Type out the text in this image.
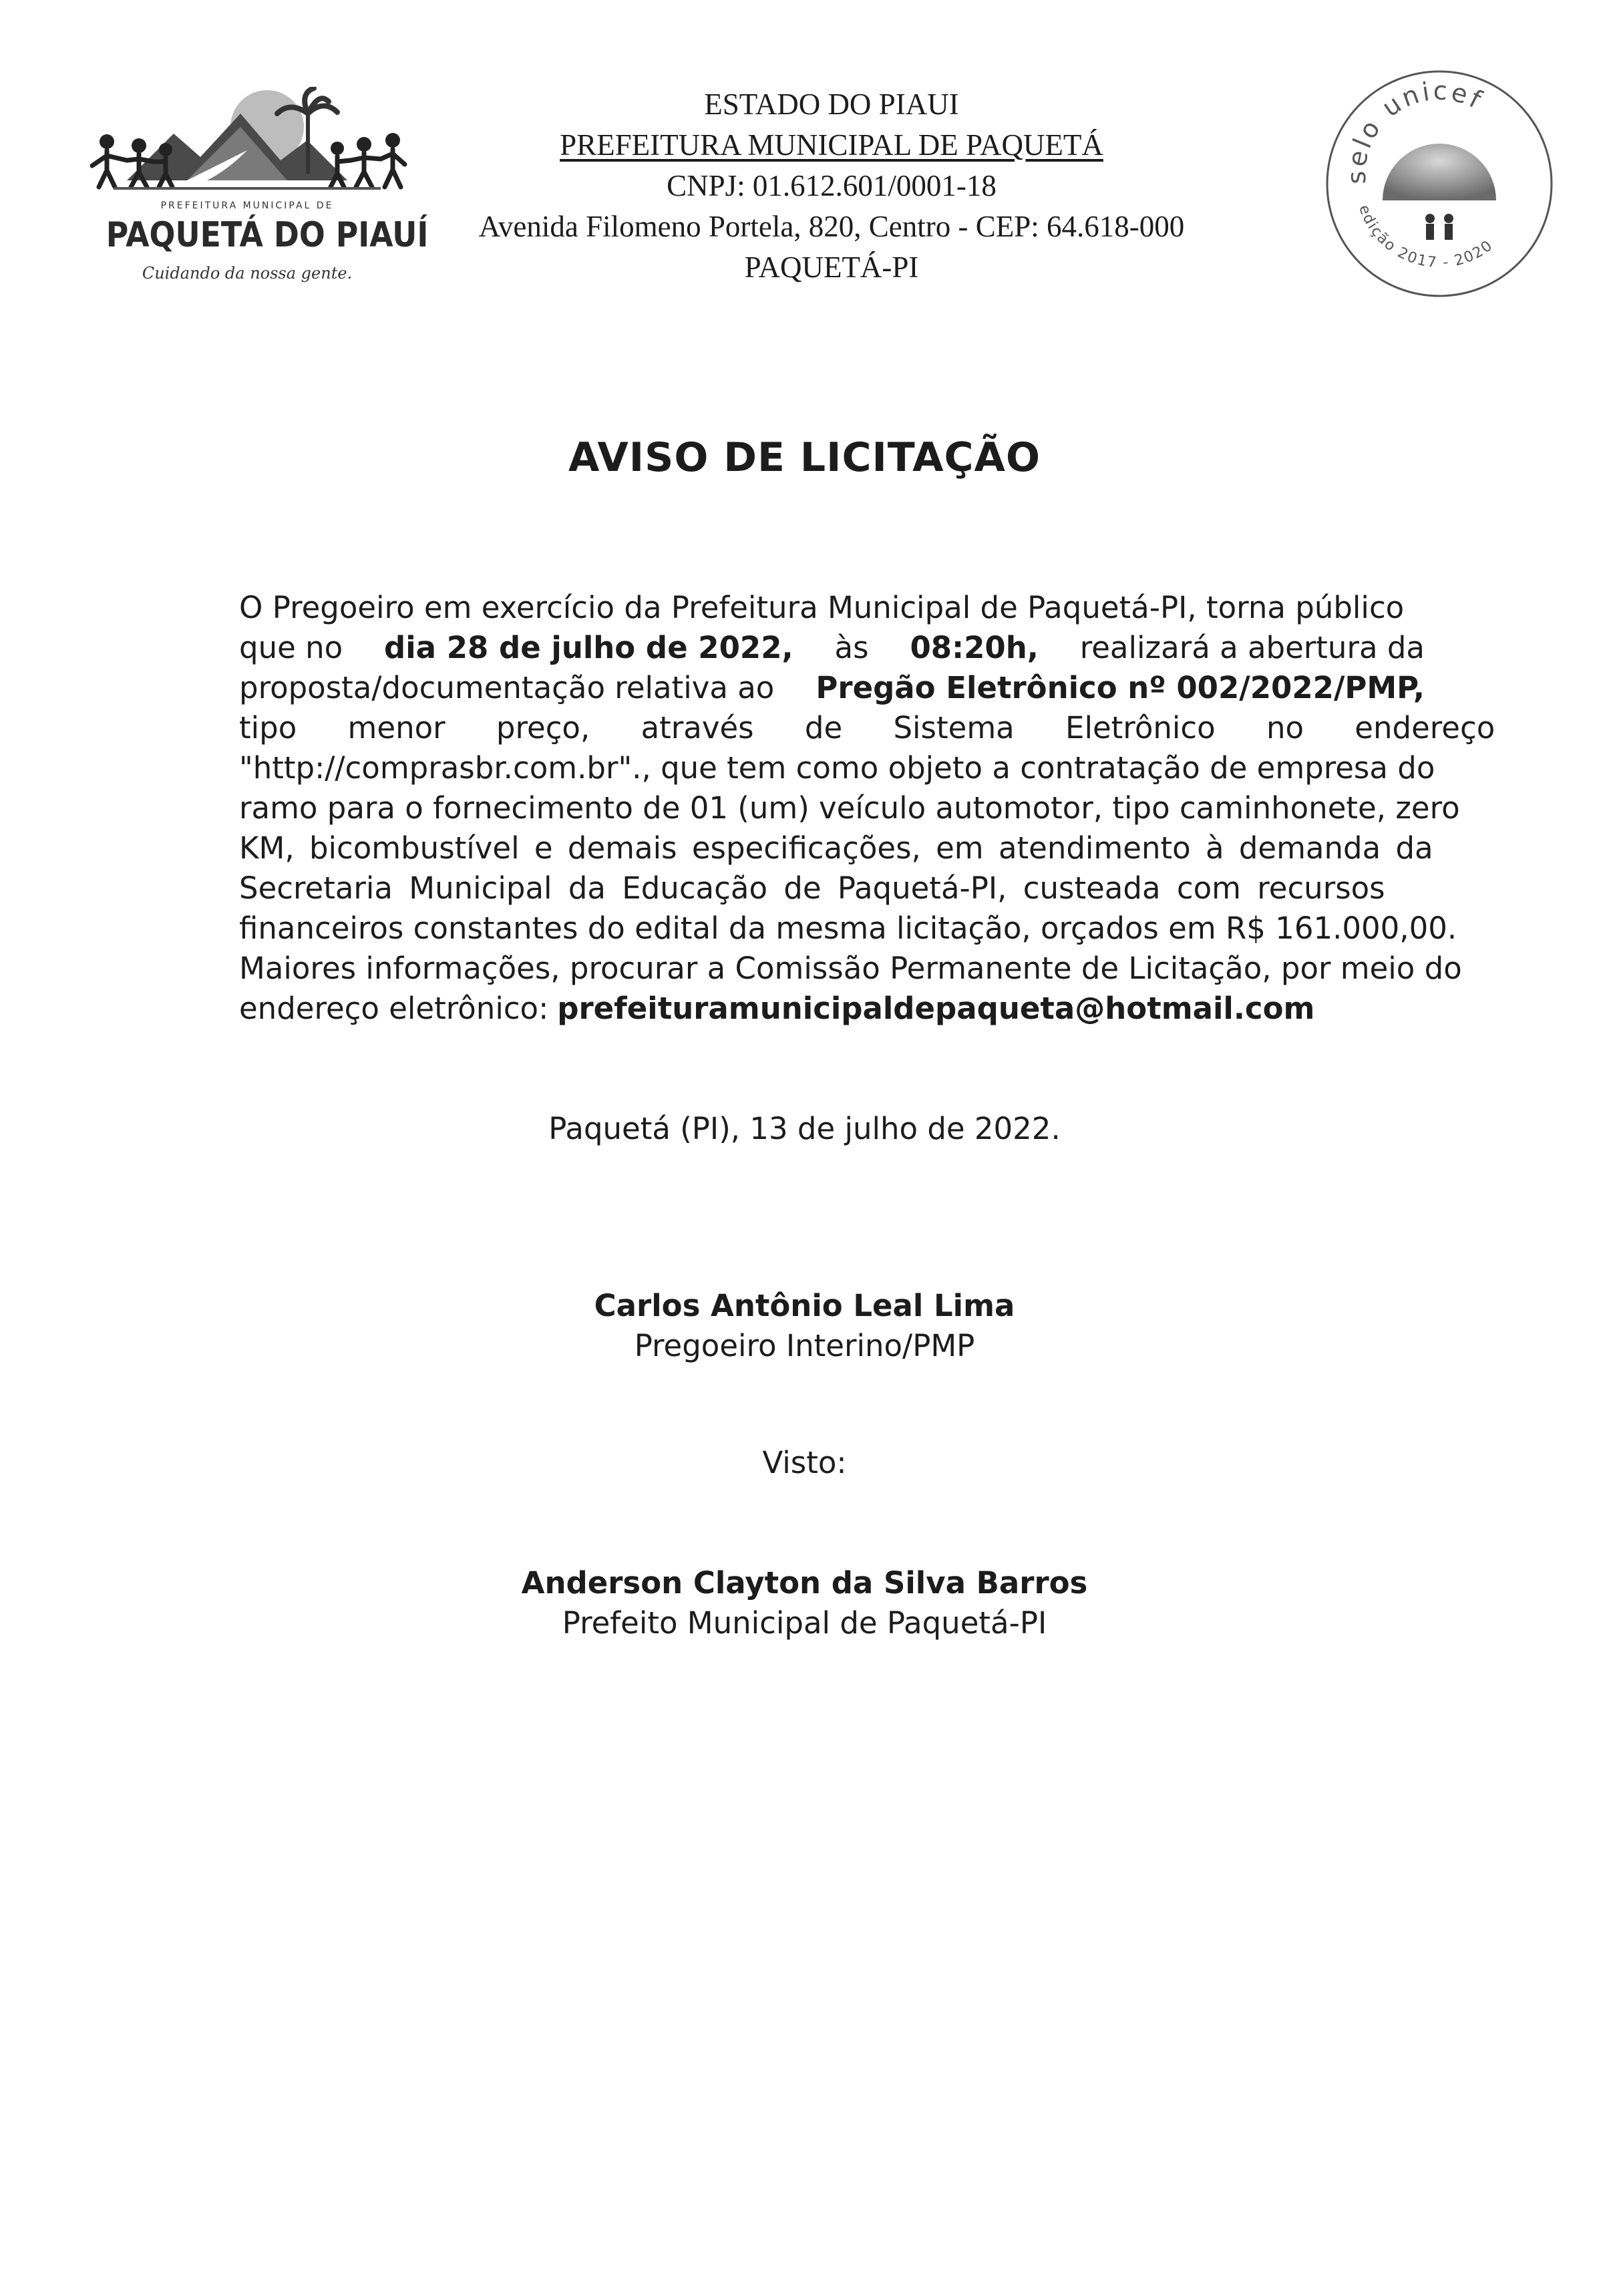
PREFEITURA MUNICIPAL DE
PAQUETÁ DO PIAUÍ
Cuidando da nossa gente.
ESTADO DO PIAUI
PREFEITURA MUNICIPAL DE PAQUETÁ
CNPJ: 01.612.601/0001-18
Avenida Filomeno Portela, 820, Centro - CEP: 64.618-000
PAQUETÁ-PI
selo unicef
edição 2017 - 2020
AVISO DE LICITAÇÃO
O Pregoeiro em exercício da Prefeitura Municipal de Paquetá-PI, torna público
que no dia 28 de julho de 2022, às 08:20h, realizará a abertura da
proposta/documentação relativa ao Pregão Eletrônico nº 002/2022/PMP,
tipo menor preço, através de Sistema Eletrônico no endereço
"http://comprasbr.com.br"., que tem como objeto a contratação de empresa do
ramo para o fornecimento de 01 (um) veículo automotor, tipo caminhonete, zero
KM, bicombustível e demais especificações, em atendimento à demanda da
Secretaria Municipal da Educação de Paquetá-PI, custeada com recursos
financeiros constantes do edital da mesma licitação, orçados em R$ 161.000,00.
Maiores informações, procurar a Comissão Permanente de Licitação, por meio do
endereço eletrônico: prefeituramunicipaldepaqueta@hotmail.com
Paquetá (PI), 13 de julho de 2022.
Carlos Antônio Leal Lima
Pregoeiro Interino/PMP
Visto:
Anderson Clayton da Silva Barros
Prefeito Municipal de Paquetá-PI
